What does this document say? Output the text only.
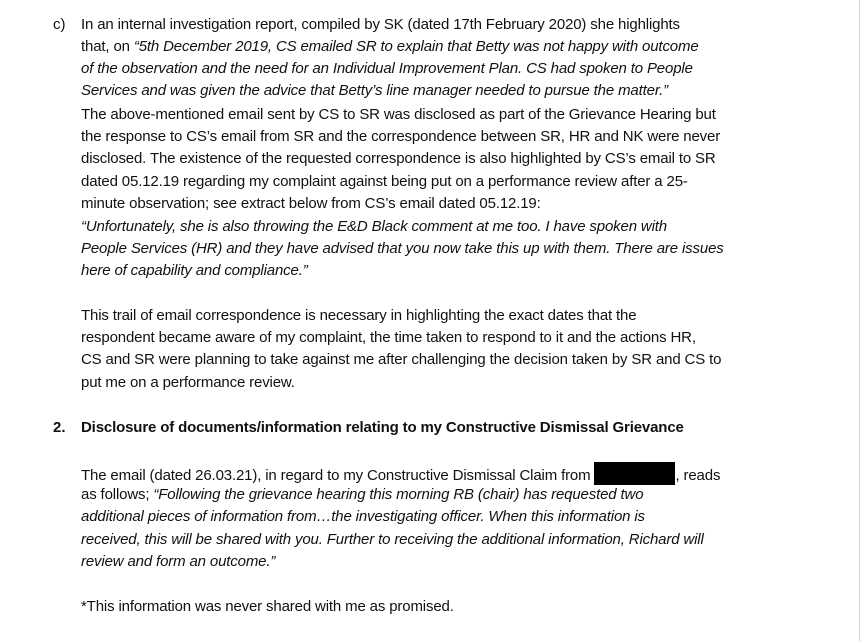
c) In an internal investigation report, compiled by SK (dated 17th February 2020) she highlights
that, on “5th December 2019, CS emailed SR to explain that Betty was not happy with outcome
of the observation and the need for an Individual Improvement Plan. CS had spoken to People
Services and was given the advice that Betty’s line manager needed to pursue the matter.”
The above-mentioned email sent by CS to SR was disclosed as part of the Grievance Hearing but
the response to CS’s email from SR and the correspondence between SR, HR and NK were never
disclosed. The existence of the requested correspondence is also highlighted by CS’s email to SR
dated 05.12.19 regarding my complaint against being put on a performance review after a 25-
minute observation; see extract below from CS’s email dated 05.12.19:
“Unfortunately, she is also throwing the E&D Black comment at me too. I have spoken with
People Services (HR) and they have advised that you now take this up with them. There are issues
here of capability and compliance.”
This trail of email correspondence is necessary in highlighting the exact dates that the
respondent became aware of my complaint, the time taken to respond to it and the actions HR,
CS and SR were planning to take against me after challenging the decision taken by SR and CS to
put me on a performance review.
2. Disclosure of documents/information relating to my Constructive Dismissal Grievance
The email (dated 26.03.21), in regard to my Constructive Dismissal Claim from	, reads
as follows; “Following the grievance hearing this morning RB (chair) has requested two
additional pieces of information from…the investigating officer. When this information is
received, this will be shared with you. Further to receiving the additional information, Richard will
review and form an outcome.”
*This information was never shared with me as promised.
